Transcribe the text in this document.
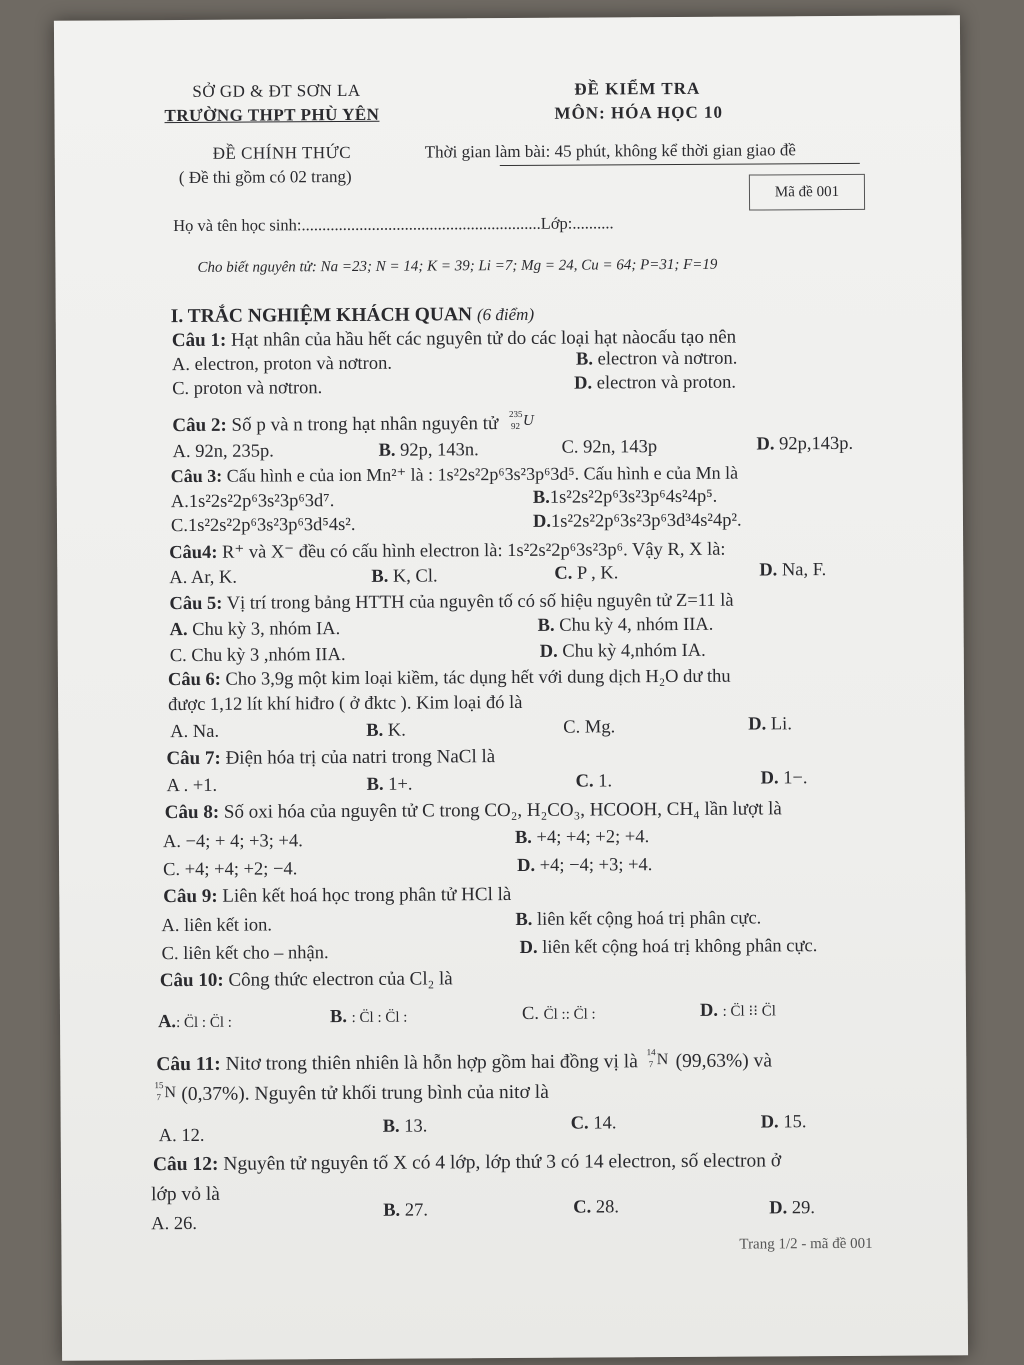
SỞ GD & ĐT SƠN LA
TRƯỜNG THPT PHÙ YÊN
ĐỀ KIỂM TRA
MÔN: HÓA HỌC 10
ĐỀ CHÍNH THỨC
( Đề thi gồm có 02 trang)
Thời gian làm bài: 45 phút, không kể thời gian giao đề
Mã đề 001
Họ và tên học sinh:..........................................................Lớp:..........
Cho biết nguyên tử: Na =23; N = 14; K = 39; Li =7; Mg = 24, Cu = 64; P=31; F=19
I. TRẮC NGHIỆM KHÁCH QUAN (6 điểm)
Câu 1: Hạt nhân của hầu hết các nguyên tử do các loại hạt nàocấu tạo nên
A. electron, proton và nơtron.	B. electron và nơtron.
C. proton và nơtron.	D. electron và proton.
Câu 2: Số p và n trong hạt nhân nguyên tử 235
92 U
A. 92n, 235p.	B. 92p, 143n.	C. 92n, 143p	D. 92p,143p.
Câu 3: Cấu hình e của ion Mn²⁺ là : 1s²2s²2p⁶3s²3p⁶3d⁵. Cấu hình e của Mn là
A.1s²2s²2p⁶3s²3p⁶3d⁷.	B.1s²2s²2p⁶3s²3p⁶4s²4p⁵.
C.1s²2s²2p⁶3s²3p⁶3d⁵4s².	D.1s²2s²2p⁶3s²3p⁶3d³4s²4p².
Câu4: R⁺ và X⁻ đều có cấu hình electron là: 1s²2s²2p⁶3s²3p⁶. Vậy R, X là:
A. Ar, K.	B. K, Cl.	C. P , K.	D. Na, F.
Câu 5: Vị trí trong bảng HTTH của nguyên tố có số hiệu nguyên tử Z=11 là
A. Chu kỳ 3, nhóm IA.	B. Chu kỳ 4, nhóm IIA.
C. Chu kỳ 3 ,nhóm IIA.	D. Chu kỳ 4,nhóm IA.
Câu 6: Cho 3,9g một kim loại kiềm, tác dụng hết với dung dịch H₂O dư thu
được 1,12 lít khí hiđro ( ở đktc ). Kim loại đó là
A. Na.	B. K.	C. Mg.	D. Li.
Câu 7: Điện hóa trị của natri trong NaCl là
A . +1.	B. 1+.	C. 1.	D. 1−.
Câu 8: Số oxi hóa của nguyên tử C trong CO₂, H₂CO₃, HCOOH, CH₄ lần lượt là
A. −4; + 4; +3; +4.	B. +4; +4; +2; +4.
C. +4; +4; +2; −4.	D. +4; −4; +3; +4.
Câu 9: Liên kết hoá học trong phân tử HCl là
A. liên kết ion.	B. liên kết cộng hoá trị phân cực.
C. liên kết cho – nhận.	D. liên kết cộng hoá trị không phân cực.
Câu 10: Công thức electron của Cl₂ là
A.: C̈l : C̈l :	B. : C̈l : C̈l :	C. C̈l :: C̈l :	D. : C̈l ⁝⁝ C̈l
Câu 11: Nitơ trong thiên nhiên là hỗn hợp gồm hai đồng vị là 14
7 N (99,63%) và
15
7 N (0,37%). Nguyên tử khối trung bình của nitơ là
A. 12.	B. 13.	C. 14.	D. 15.
Câu 12: Nguyên tử nguyên tố X có 4 lớp, lớp thứ 3 có 14 electron, số electron ở
lớp vỏ là
A. 26.
B. 27.	C. 28.	D. 29.
Trang 1/2 - mã đề 001
